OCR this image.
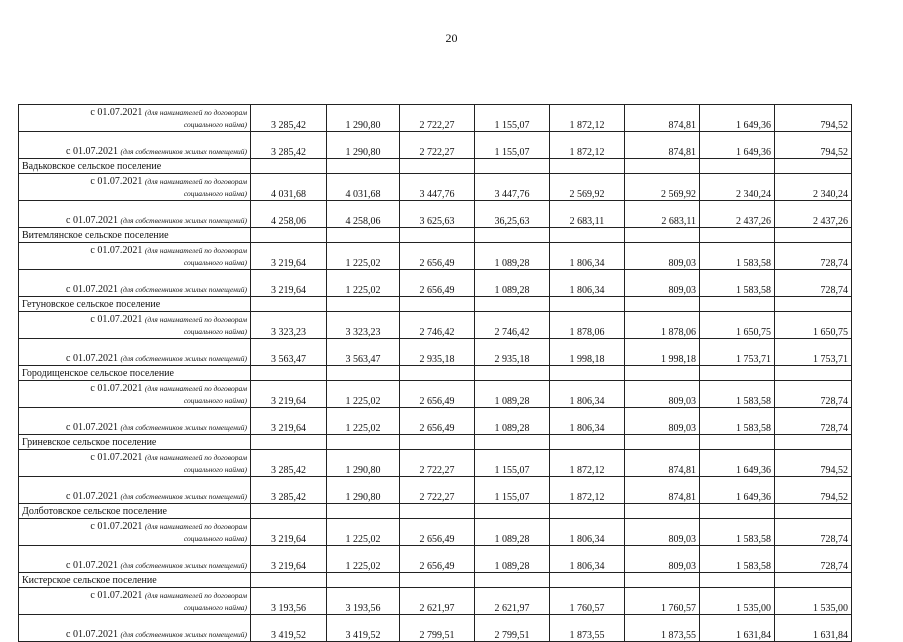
20
с 01.07.2021 (для нанимателей по договорам
социального найма)	3 285,42	1 290,80	2 722,27	1 155,07	1 872,12	874,81	1 649,36	794,52
с 01.07.2021 (для собственников жилых помещений)	3 285,42	1 290,80	2 722,27	1 155,07	1 872,12	874,81	1 649,36	794,52
Вадьковское сельское поселение								
с 01.07.2021 (для нанимателей по договорам
социального найма)	4 031,68	4 031,68	3 447,76	3 447,76	2 569,92	2 569,92	2 340,24	2 340,24
с 01.07.2021 (для собственников жилых помещений)	4 258,06	4 258,06	3 625,63	36,25,63	2 683,11	2 683,11	2 437,26	2 437,26
Витемлянское сельское поселение								
с 01.07.2021 (для нанимателей по договорам
социального найма)	3 219,64	1 225,02	2 656,49	1 089,28	1 806,34	809,03	1 583,58	728,74
с 01.07.2021 (для собственников жилых помещений)	3 219,64	1 225,02	2 656,49	1 089,28	1 806,34	809,03	1 583,58	728,74
Гетуновское сельское поселение								
с 01.07.2021 (для нанимателей по договорам
социального найма)	3 323,23	3 323,23	2 746,42	2 746,42	1 878,06	1 878,06	1 650,75	1 650,75
с 01.07.2021 (для собственников жилых помещений)	3 563,47	3 563,47	2 935,18	2 935,18	1 998,18	1 998,18	1 753,71	1 753,71
Городищенское сельское поселение								
с 01.07.2021 (для нанимателей по договорам
социального найма)	3 219,64	1 225,02	2 656,49	1 089,28	1 806,34	809,03	1 583,58	728,74
с 01.07.2021 (для собственников жилых помещений)	3 219,64	1 225,02	2 656,49	1 089,28	1 806,34	809,03	1 583,58	728,74
Гриневское сельское поселение								
с 01.07.2021 (для нанимателей по договорам
социального найма)	3 285,42	1 290,80	2 722,27	1 155,07	1 872,12	874,81	1 649,36	794,52
с 01.07.2021 (для собственников жилых помещений)	3 285,42	1 290,80	2 722,27	1 155,07	1 872,12	874,81	1 649,36	794,52
Долботовское сельское поселение								
с 01.07.2021 (для нанимателей по договорам
социального найма)	3 219,64	1 225,02	2 656,49	1 089,28	1 806,34	809,03	1 583,58	728,74
с 01.07.2021 (для собственников жилых помещений)	3 219,64	1 225,02	2 656,49	1 089,28	1 806,34	809,03	1 583,58	728,74
Кистерское сельское поселение								
с 01.07.2021 (для нанимателей по договорам
социального найма)	3 193,56	3 193,56	2 621,97	2 621,97	1 760,57	1 760,57	1 535,00	1 535,00
с 01.07.2021 (для собственников жилых помещений)	3 419,52	3 419,52	2 799,51	2 799,51	1 873,55	1 873,55	1 631,84	1 631,84
